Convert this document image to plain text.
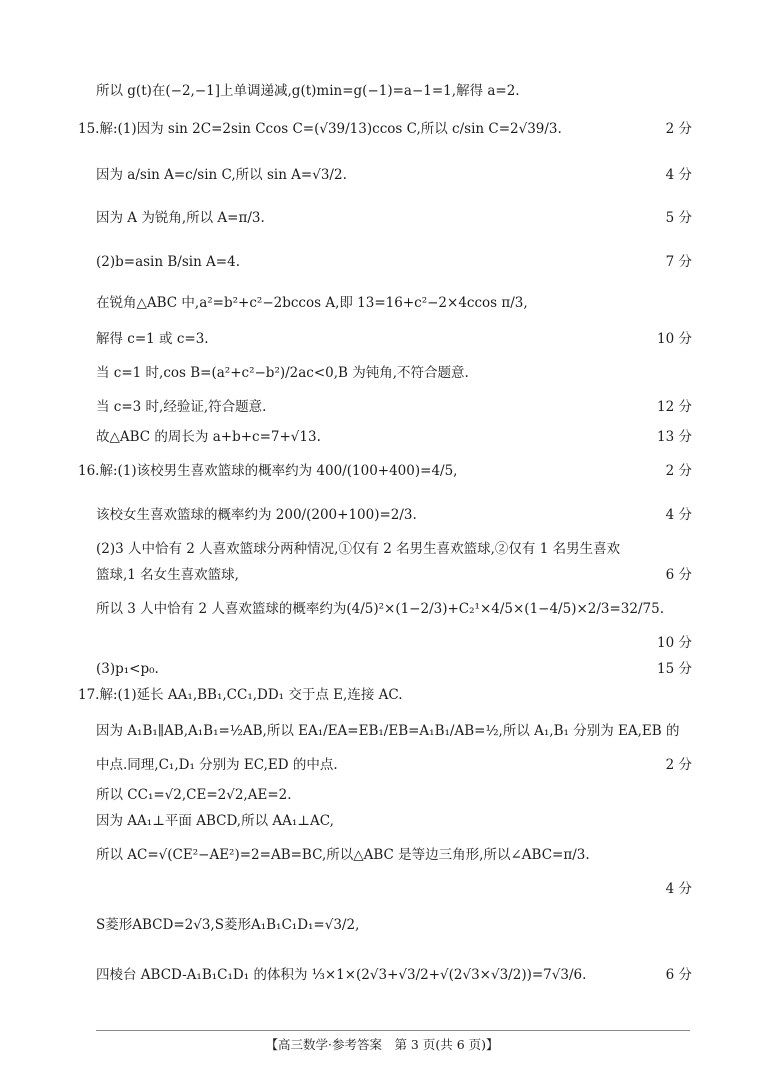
所以 g(t)在(−2,−1]上单调递减,g(t)min=g(−1)=a−1=1,解得 a=2.
15.解:(1)因为 sin 2C=2sin Ccos C=(√39/13)ccos C,所以 c/sin C=2√39/3.	2 分
因为 a/sin A=c/sin C,所以 sin A=√3/2.	4 分
因为 A 为锐角,所以 A=π/3.	5 分
(2)b=asin B/sin A=4.	7 分
在锐角△ABC 中,a²=b²+c²−2bccos A,即 13=16+c²−2×4ccos π/3,
解得 c=1 或 c=3.	10 分
当 c=1 时,cos B=(a²+c²−b²)/2ac<0,B 为钝角,不符合题意.
当 c=3 时,经验证,符合题意.	12 分
故△ABC 的周长为 a+b+c=7+√13.	13 分
16.解:(1)该校男生喜欢篮球的概率约为 400/(100+400)=4/5,	2 分
该校女生喜欢篮球的概率约为 200/(200+100)=2/3.	4 分
(2)3 人中恰有 2 人喜欢篮球分两种情况,①仅有 2 名男生喜欢篮球,②仅有 1 名男生喜欢
篮球,1 名女生喜欢篮球,	6 分
所以 3 人中恰有 2 人喜欢篮球的概率约为(4/5)²×(1−2/3)+C₂¹×4/5×(1−4/5)×2/3=32/75.
10 分
(3)p₁<p₀.	15 分
17.解:(1)延长 AA₁,BB₁,CC₁,DD₁ 交于点 E,连接 AC.
因为 A₁B₁∥AB,A₁B₁=½AB,所以 EA₁/EA=EB₁/EB=A₁B₁/AB=½,所以 A₁,B₁ 分别为 EA,EB 的
中点.同理,C₁,D₁ 分别为 EC,ED 的中点.	2 分
所以 CC₁=√2,CE=2√2,AE=2.
因为 AA₁⊥平面 ABCD,所以 AA₁⊥AC,
所以 AC=√(CE²−AE²)=2=AB=BC,所以△ABC 是等边三角形,所以∠ABC=π/3.
4 分
S菱形ABCD=2√3,S菱形A₁B₁C₁D₁=√3/2,
四棱台 ABCD-A₁B₁C₁D₁ 的体积为 ⅓×1×(2√3+√3/2+√(2√3×√3/2))=7√3/6.	6 分
【高三数学·参考答案　第 3 页(共 6 页)】
